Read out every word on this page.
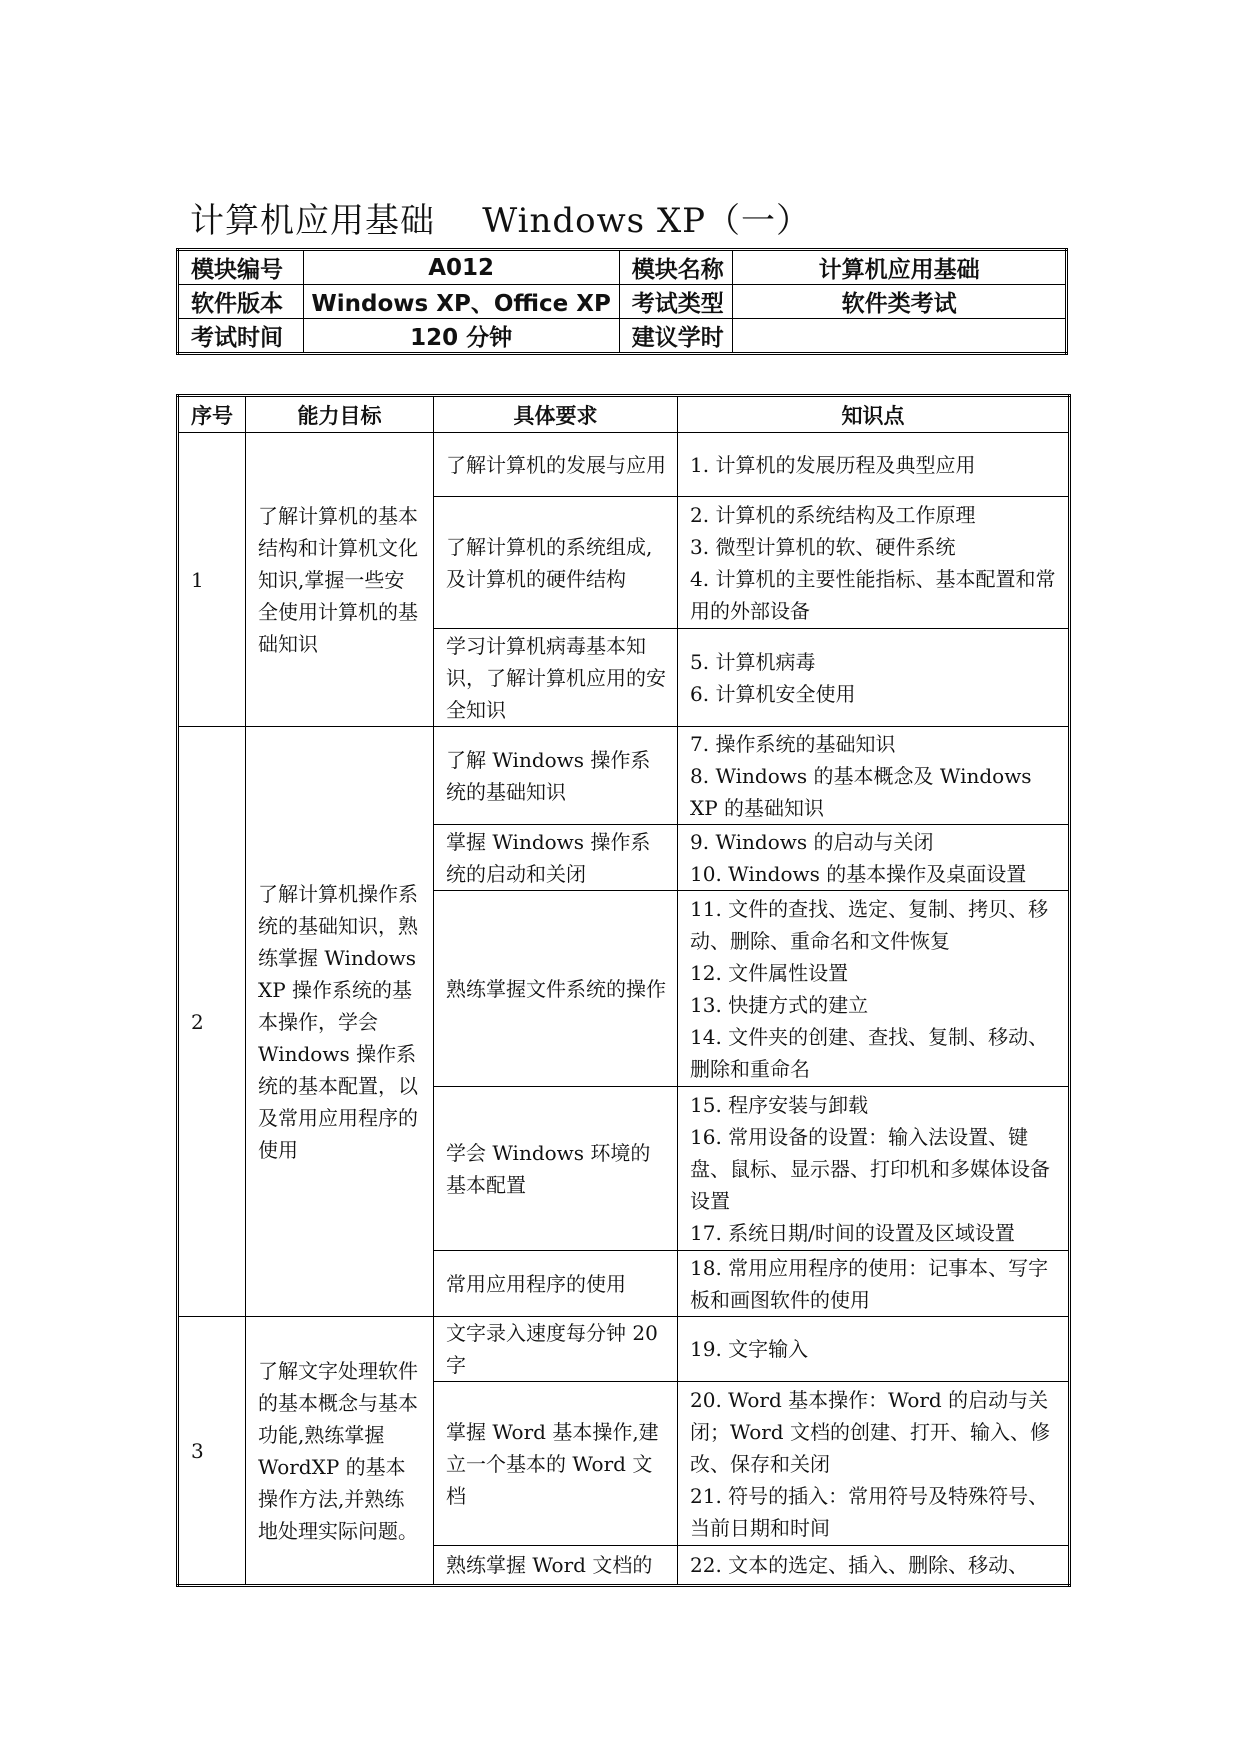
计算机应用基础    Windows XP（一）
模块编号	A012	模块名称	计算机应用基础
软件版本	Windows XP、Office XP	考试类型	软件类考试
考试时间	120 分钟	建议学时	
序号	能力目标	具体要求	知识点
1	了解计算机的基本结构和计算机文化知识,掌握一些安全使用计算机的基础知识	了解计算机的发展与应用	1. 计算机的发展历程及典型应用

		了解计算机的系统组成,及计算机的硬件结构	2. 计算机的系统结构及工作原理
3. 微型计算机的软、硬件系统
4. 计算机的主要性能指标、基本配置和常用的外部设备

		学习计算机病毒基本知识，了解计算机应用的安全知识	5. 计算机病毒
6. 计算机安全使用

2	了解计算机操作系统的基础知识，熟练掌握 Windows XP 操作系统的基本操作，学会 Windows 操作系统的基本配置，以及常用应用程序的使用	了解 Windows 操作系统的基础知识	7. 操作系统的基础知识
8. Windows 的基本概念及 Windows XP 的基础知识

		掌握 Windows 操作系统的启动和关闭	9. Windows 的启动与关闭
10. Windows 的基本操作及桌面设置

		熟练掌握文件系统的操作	11. 文件的查找、选定、复制、拷贝、移动、删除、重命名和文件恢复
12. 文件属性设置
13. 快捷方式的建立
14. 文件夹的创建、查找、复制、移动、删除和重命名

		学会 Windows 环境的基本配置	15. 程序安装与卸载
16. 常用设备的设置：输入法设置、键盘、鼠标、显示器、打印机和多媒体设备设置
17. 系统日期/时间的设置及区域设置

		常用应用程序的使用	18. 常用应用程序的使用：记事本、写字板和画图软件的使用

3	了解文字处理软件的基本概念与基本功能,熟练掌握 WordXP 的基本操作方法,并熟练地处理实际问题。	文字录入速度每分钟 20 字	19. 文字输入

		掌握 Word 基本操作,建立一个基本的 Word 文档	20. Word 基本操作：Word 的启动与关闭；Word 文档的创建、打开、输入、修改、保存和关闭
21. 符号的插入：常用符号及特殊符号、当前日期和时间

		熟练掌握 Word 文档的	22. 文本的选定、插入、删除、移动、
